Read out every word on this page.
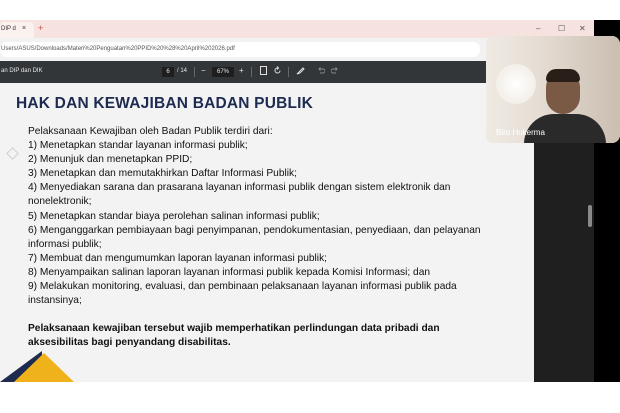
DIP d × +	– ☐ ✕
Users/ASUS/Downloads/Materi%20Penguatan%20PPID%20%28%20April%202026.pdf
an DIP dan DIK	6	/ 14 −	67%	+
HAK DAN KEWAJIBAN BADAN PUBLIK
Pelaksanaan Kewajiban oleh Badan Publik terdiri dari:
1) Menetapkan standar layanan informasi publik;
2) Menunjuk dan menetapkan PPID;
3) Menetapkan dan memutakhirkan Daftar Informasi Publik;
4) Menyediakan sarana dan prasarana layanan informasi publik dengan sistem elektronik dan
nonelektronik;
5) Menetapkan standar biaya perolehan salinan informasi publik;
6) Menganggarkan pembiayaan bagi penyimpanan, pendokumentasian, penyediaan, dan pelayanan
informasi publik;
7) Membuat dan mengumumkan laporan layanan informasi publik;
8) Menyampaikan salinan laporan layanan informasi publik kepada Komisi Informasi; dan
9) Melakukan monitoring, evaluasi, dan pembinaan pelaksanaan layanan informasi publik pada
instansinya;
Pelaksanaan kewajiban tersebut wajib memperhatikan perlindungan data pribadi dan
aksesibilitas bagi penyandang disabilitas.
Biro Hukerma
